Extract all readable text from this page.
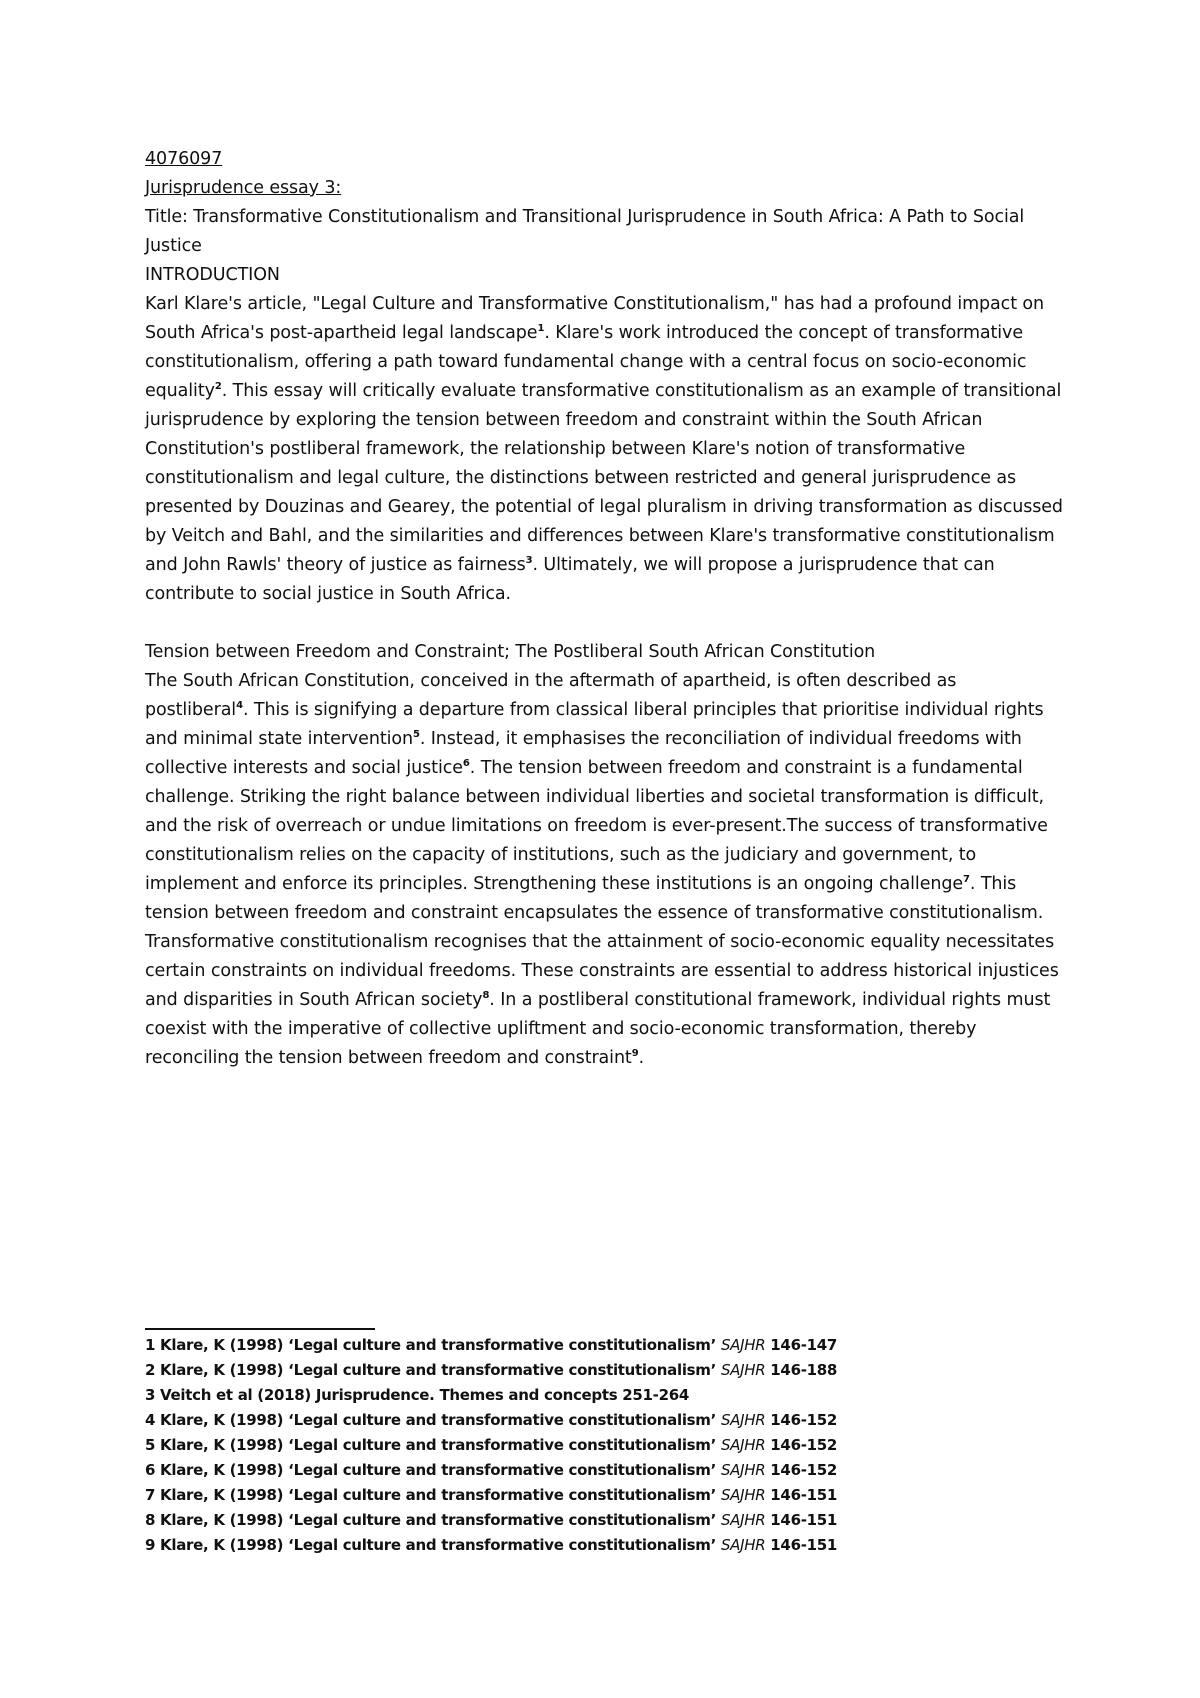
4076097

Jurisprudence essay 3:

Title: Transformative Constitutionalism and Transitional Jurisprudence in South Africa: A Path to Social Justice

INTRODUCTION

Karl Klare's article, "Legal Culture and Transformative Constitutionalism," has had a profound impact on South Africa's post-apartheid legal landscape$^1$. Klare's work introduced the concept of transformative constitutionalism, offering a path toward fundamental change with a central focus on socio-economic equality$^2$. This essay will critically evaluate transformative constitutionalism as an example of transitional jurisprudence by exploring the tension between freedom and constraint within the South African Constitution's postliberal framework, the relationship between Klare's notion of transformative constitutionalism and legal culture, the distinctions between restricted and general jurisprudence as presented by Douzinas and Gearey, the potential of legal pluralism in driving transformation as discussed by Veitch and Bahl, and the similarities and differences between Klare's transformative constitutionalism and John Rawls' theory of justice as fairness$^3$. Ultimately, we will propose a jurisprudence that can contribute to social justice in South Africa.

Tension between Freedom and Constraint; The Postliberal South African Constitution

The South African Constitution, conceived in the aftermath of apartheid, is often described as postliberal$^4$. This is signifying a departure from classical liberal principles that prioritise individual rights and minimal state intervention$^5$. Instead, it emphasises the reconciliation of individual freedoms with collective interests and social justice$^6$. The tension between freedom and constraint is a fundamental challenge. Striking the right balance between individual liberties and societal transformation is difficult, and the risk of overreach or undue limitations on freedom is ever-present.The success of transformative constitutionalism relies on the capacity of institutions, such as the judiciary and government, to implement and enforce its principles. Strengthening these institutions is an ongoing challenge$^7$. This tension between freedom and constraint encapsulates the essence of transformative constitutionalism.

Transformative constitutionalism recognises that the attainment of socio-economic equality necessitates certain constraints on individual freedoms. These constraints are essential to address historical injustices and disparities in South African society$^8$. In a postliberal constitutional framework, individual rights must coexist with the imperative of collective upliftment and socio-economic transformation, thereby reconciling the tension between freedom and constraint$^9$.

1 Klare, K (1998) ‘Legal culture and transformative constitutionalism’ SAJHR 146-147
2 Klare, K (1998) ‘Legal culture and transformative constitutionalism’ SAJHR 146-188
3 Veitch et al (2018) Jurisprudence. Themes and concepts 251-264
4 Klare, K (1998) ‘Legal culture and transformative constitutionalism’ SAJHR 146-152
5 Klare, K (1998) ‘Legal culture and transformative constitutionalism’ SAJHR 146-152
6 Klare, K (1998) ‘Legal culture and transformative constitutionalism’ SAJHR 146-152
7 Klare, K (1998) ‘Legal culture and transformative constitutionalism’ SAJHR 146-151
8 Klare, K (1998) ‘Legal culture and transformative constitutionalism’ SAJHR 146-151
9 Klare, K (1998) ‘Legal culture and transformative constitutionalism’ SAJHR 146-151
